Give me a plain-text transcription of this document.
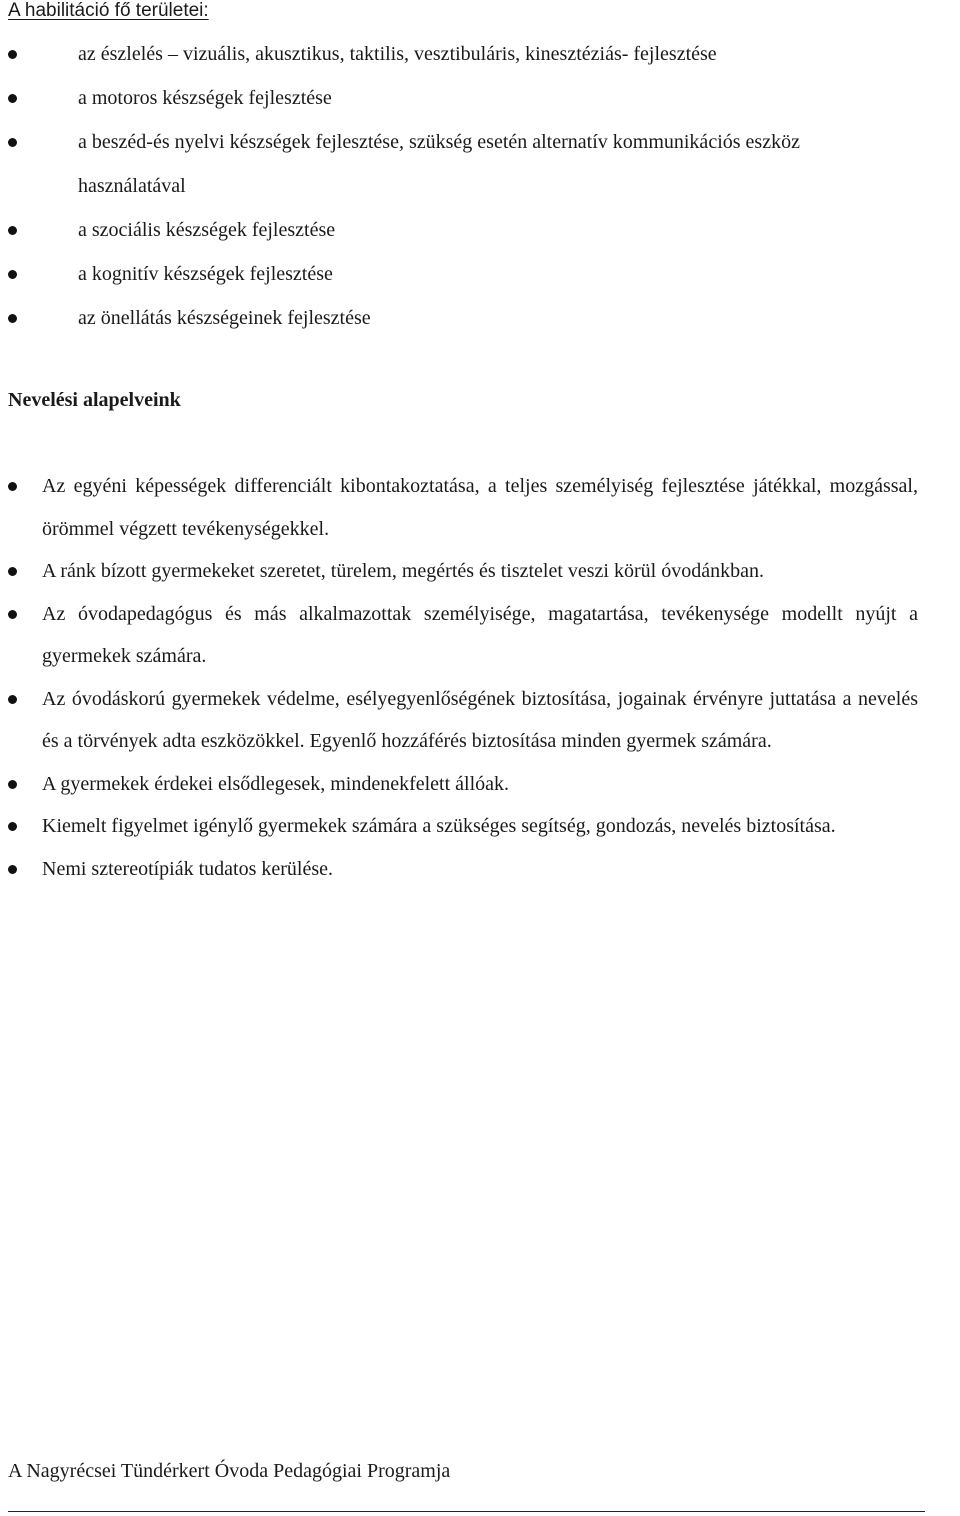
A habilitáció fő területei:
az észlelés – vizuális, akusztikus, taktilis, vesztibuláris, kinesztéziás- fejlesztése
a motoros készségek fejlesztése
a beszéd-és nyelvi készségek fejlesztése, szükség esetén alternatív kommunikációs eszköz használatával
a szociális készségek fejlesztése
a kognitív készségek fejlesztése
az önellátás készségeinek fejlesztése
Nevelési alapelveink
Az egyéni képességek differenciált kibontakoztatása, a teljes személyiség fejlesztése játékkal, mozgással, örömmel végzett tevékenységekkel.
A ránk bízott gyermekeket szeretet, türelem, megértés és tisztelet veszi körül óvodánkban.
Az óvodapedagógus és más alkalmazottak személyisége, magatartása, tevékenysége modellt nyújt a gyermekek számára.
Az óvodáskorú gyermekek védelme, esélyegyenlőségének biztosítása, jogainak érvényre juttatása a nevelés és a törvények adta eszközökkel. Egyenlő hozzáférés biztosítása minden gyermek számára.
A gyermekek érdekei elsődlegesek, mindenekfelett állóak.
Kiemelt figyelmet igénylő gyermekek számára a szükséges segítség, gondozás, nevelés biztosítása.
Nemi sztereotípiák tudatos kerülése.
A Nagyrécsei Tündérkert Óvoda Pedagógiai Programja
